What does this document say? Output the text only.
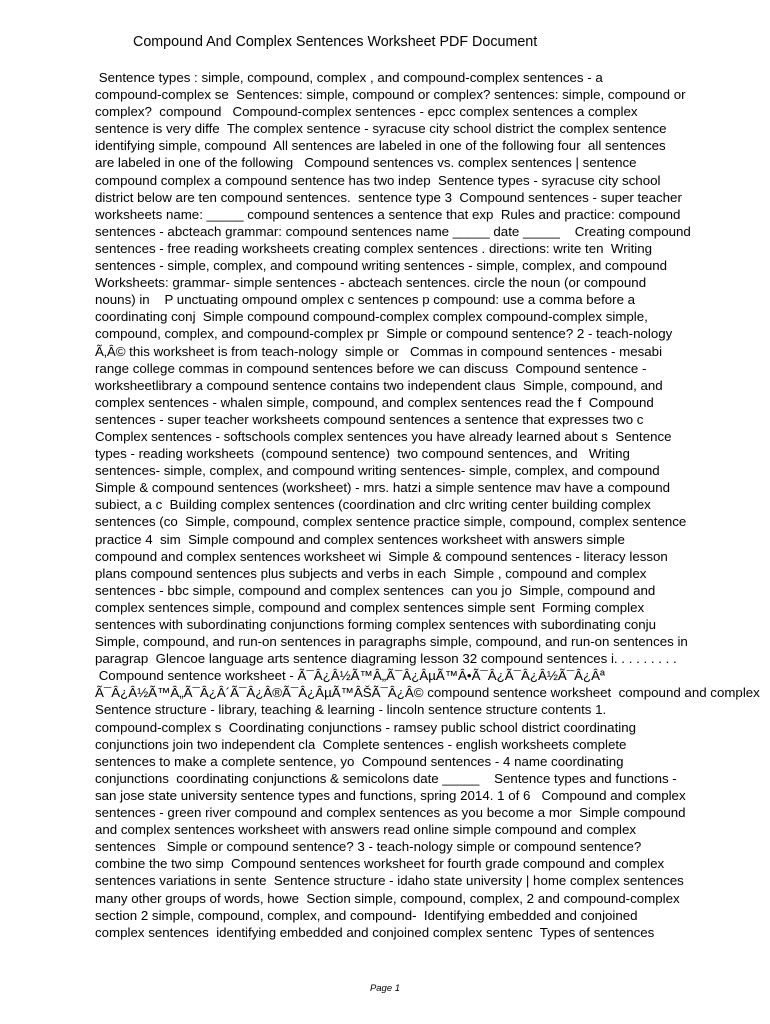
Compound And Complex Sentences Worksheet PDF Document
Sentence types : simple, compound, complex , and compound-complex sentences - a
compound-complex se  Sentences: simple, compound or complex? sentences: simple, compound or
complex?  compound   Compound-complex sentences - epcc complex sentences a complex
sentence is very diffe  The complex sentence - syracuse city school district the complex sentence
identifying simple, compound  All sentences are labeled in one of the following four  all sentences
are labeled in one of the following   Compound sentences vs. complex sentences | sentence
compound complex a compound sentence has two indep  Sentence types - syracuse city school
district below are ten compound sentences.  sentence type 3  Compound sentences - super teacher
worksheets name: _____ compound sentences a sentence that exp  Rules and practice: compound
sentences - abcteach grammar: compound sentences name _____ date _____    Creating compound
sentences - free reading worksheets creating complex sentences . directions: write ten  Writing
sentences - simple, complex, and compound writing sentences - simple, complex, and compound
Worksheets: grammar- simple sentences - abcteach sentences. circle the noun (or compound
nouns) in    P unctuating ompound omplex c sentences p compound: use a comma before a
coordinating conj  Simple compound compound-complex complex compound-complex simple,
compound, complex, and compound-complex pr  Simple or compound sentence? 2 - teach-nology
Ã‚Â© this worksheet is from teach-nology  simple or   Commas in compound sentences - mesabi
range college commas in compound sentences before we can discuss  Compound sentence -
worksheetlibrary a compound sentence contains two independent claus  Simple, compound, and
complex sentences - whalen simple, compound, and complex sentences read the f  Compound
sentences - super teacher worksheets compound sentences a sentence that expresses two c
Complex sentences - softschools complex sentences you have already learned about s  Sentence
types - reading worksheets  (compound sentence)  two compound sentences, and   Writing
sentences- simple, complex, and compound writing sentences- simple, complex, and compound
Simple & compound sentences (worksheet) - mrs. hatzi a simple sentence mav have a compound
subiect, a c  Building complex sentences (coordination and clrc writing center building complex
sentences (co  Simple, compound, complex sentence practice simple, compound, complex sentence
practice 4  sim  Simple compound and complex sentences worksheet with answers simple
compound and complex sentences worksheet wi  Simple & compound sentences - literacy lesson
plans compound sentences plus subjects and verbs in each  Simple , compound and complex
sentences - bbc simple, compound and complex sentences  can you jo  Simple, compound and
complex sentences simple, compound and complex sentences simple sent  Forming complex
sentences with subordinating conjunctions forming complex sentences with subordinating conju
Simple, compound, and run-on sentences in paragraphs simple, compound, and run-on sentences in
paragrap  Glencoe language arts sentence diagraming lesson 32 compound sentences i. . . . . . . . .
Compound sentence worksheet - Ã¯Â¿Â½Ã™Â„Ã¯Â¿ÂµÃ™Â•Ã¯Â¿Ã¯Â¿Â½Ã¯Â¿Âª
Ã¯Â¿Â½Ã™Â„Ã¯Â¿Â´Ã¯Â¿Â®Ã¯Â¿ÂµÃ™ÂŠÃ¯Â¿Â© compound sentence worksheet  compound and complex
Sentence structure - library, teaching & learning - lincoln sentence structure contents 1.
compound-complex s  Coordinating conjunctions - ramsey public school district coordinating
conjunctions join two independent cla  Complete sentences - english worksheets complete
sentences to make a complete sentence, yo  Compound sentences - 4 name coordinating
conjunctions  coordinating conjunctions & semicolons date _____    Sentence types and functions -
san jose state university sentence types and functions, spring 2014. 1 of 6   Compound and complex
sentences - green river compound and complex sentences as you become a mor  Simple compound
and complex sentences worksheet with answers read online simple compound and complex
sentences   Simple or compound sentence? 3 - teach-nology simple or compound sentence?
combine the two simp  Compound sentences worksheet for fourth grade compound and complex
sentences variations in sente  Sentence structure - idaho state university | home complex sentences
many other groups of words, howe  Section simple, compound, complex, 2 and compound-complex
section 2 simple, compound, complex, and compound-  Identifying embedded and conjoined
complex sentences  identifying embedded and conjoined complex sentenc  Types of sentences
Page 1
